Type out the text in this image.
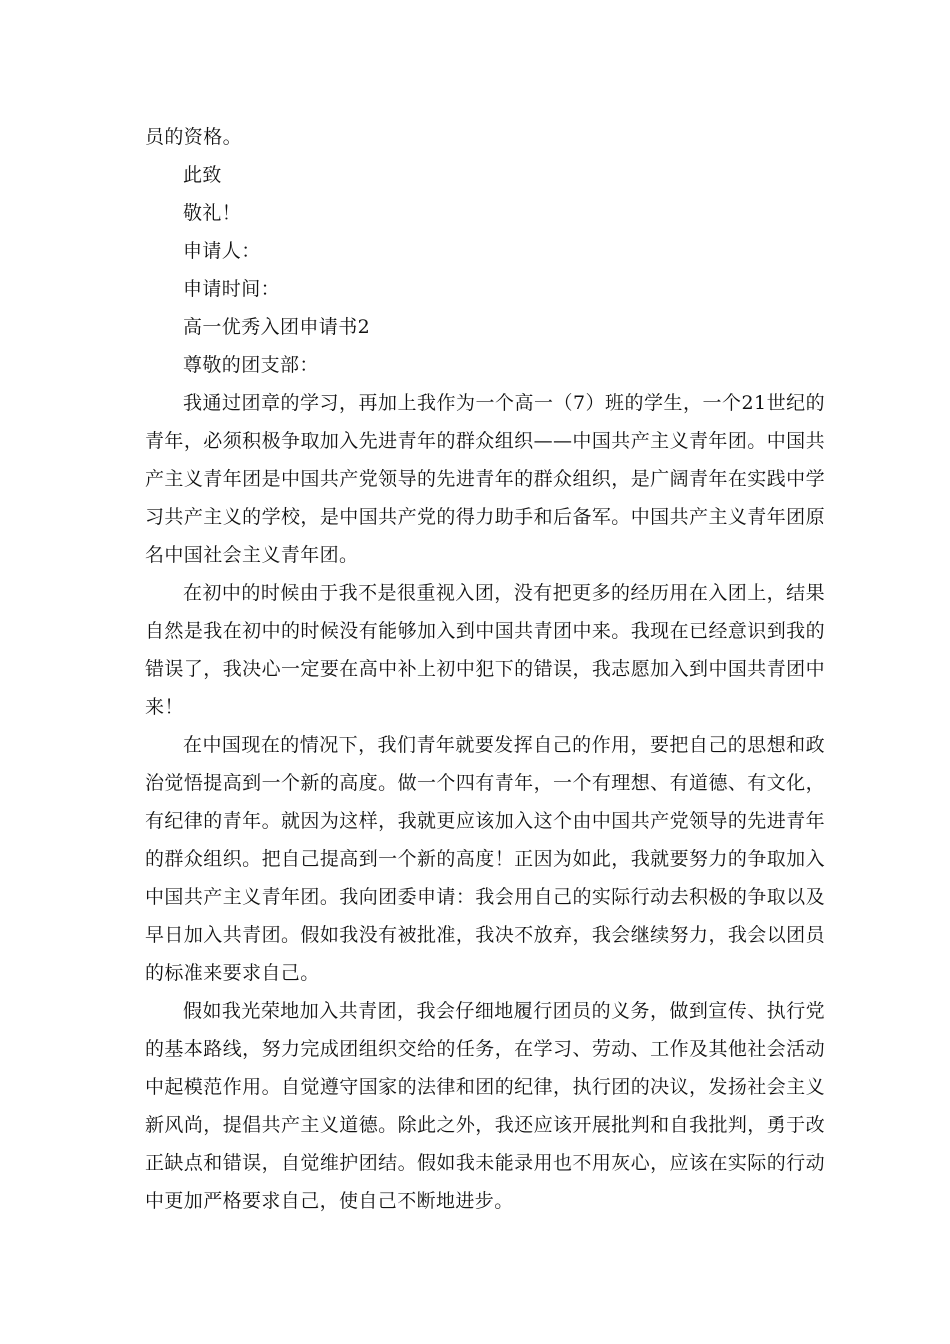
员的资格。

此致

敬礼！

申请人：

申请时间：

高一优秀入团申请书2

尊敬的团支部：

我通过团章的学习，再加上我作为一个高一（7）班的学生，一个21世纪的青年，必须积极争取加入先进青年的群众组织——中国共产主义青年团。中国共产主义青年团是中国共产党领导的先进青年的群众组织，是广阔青年在实践中学习共产主义的学校，是中国共产党的得力助手和后备军。中国共产主义青年团原名中国社会主义青年团。

在初中的时候由于我不是很重视入团，没有把更多的经历用在入团上，结果自然是我在初中的时候没有能够加入到中国共青团中来。我现在已经意识到我的错误了，我决心一定要在高中补上初中犯下的错误，我志愿加入到中国共青团中来！

在中国现在的情况下，我们青年就要发挥自己的作用，要把自己的思想和政治觉悟提高到一个新的高度。做一个四有青年，一个有理想、有道德、有文化，有纪律的青年。就因为这样，我就更应该加入这个由中国共产党领导的先进青年的群众组织。把自己提高到一个新的高度！正因为如此，我就要努力的争取加入中国共产主义青年团。我向团委申请：我会用自己的实际行动去积极的争取以及早日加入共青团。假如我没有被批准，我决不放弃，我会继续努力，我会以团员的标准来要求自己。

假如我光荣地加入共青团，我会仔细地履行团员的义务，做到宣传、执行党的基本路线，努力完成团组织交给的任务，在学习、劳动、工作及其他社会活动中起模范作用。自觉遵守国家的法律和团的纪律，执行团的决议，发扬社会主义新风尚，提倡共产主义道德。除此之外，我还应该开展批判和自我批判，勇于改正缺点和错误，自觉维护团结。假如我未能录用也不用灰心，应该在实际的行动中更加严格要求自己，使自己不断地进步。
